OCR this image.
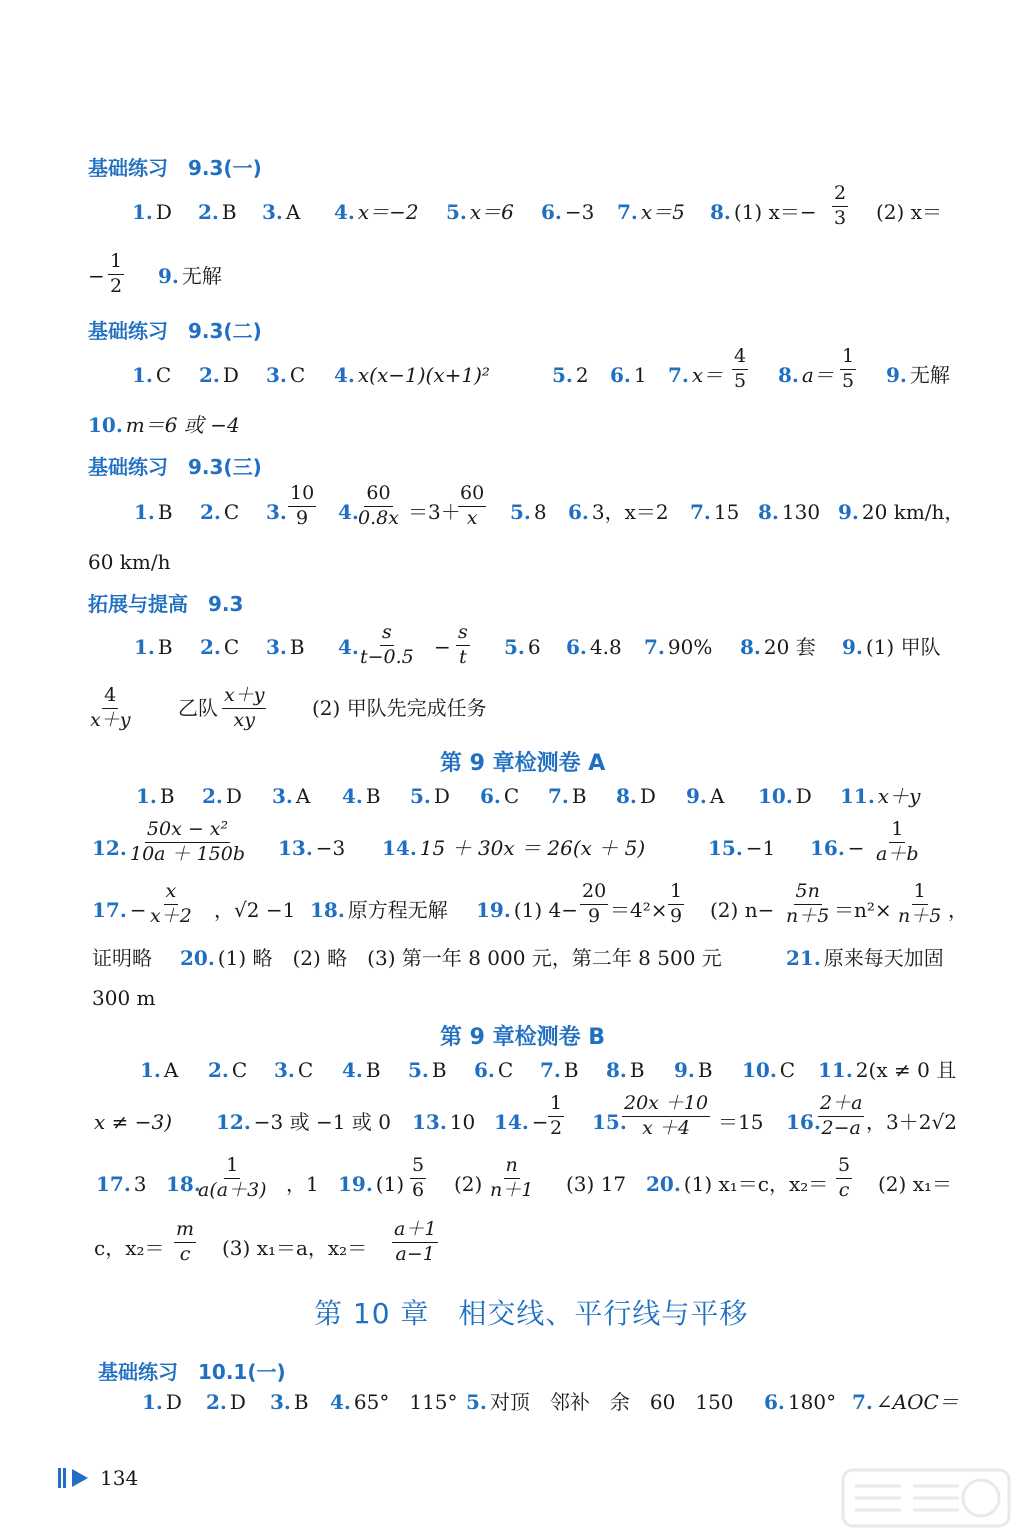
基础练习　9.3(一)
1. D 2. B 3. A 4. x＝−2 5. x＝6 6. −3 7. x＝5 8. (1) $x=- \frac{2}{3} (2)$ x＝
− $\frac{1}{2} 9$. 无解
基础练习　9.3(二)
1. C 2. D 3. C 4. x(x−1)(x+1)²	5. 2 6. 1 7. $x= \frac{4}{5} 8$. $a= \frac{1}{5} 9$. 无解
10. m＝6 或 −4
基础练习　9.3(三)
1. B 2. C 3. $\frac{10}{9} 4$. $\frac{60}{0.8x} =3+$
$\frac{60}{x} 5$. 8 6. 3，x＝2 7. 15 8. 130 9. 20 km/h，
60 km/h
拓展与提高　9.3
1. B 2. C 3. B 4. $\frac{s}{t-0.5} - \frac{s}{t} 5$. 6 6. 4.8 7. 90% 8. 20 套 9. (1) 甲队
$\frac{4}{x+y}$ 乙队 $\frac{x+y}{xy} (2)$ 甲队先完成任务
第 9 章检测卷 A
1. B 2. D 3. A 4. B 5. D 6. C 7. B 8. D 9. A 10. D 11. x＋y
12. $\frac{\text{50x − x²}}{10a + 150b} 13$. −3 14. 15 ＋ 30x ＝ 26(x ＋ 5)	15. −1 16. − $\frac{1}{a+b}$
17. − $\frac{x}{x+2}$ ，√2 −1 18. 原方程无解 19. (1) $4- \frac{20}{9} =4^2\times \frac{1}{9} (2)$ $n- \frac{5n}{n+5} =n^2\times \frac{1}{n+5}$ ，
证明略 20. (1) 略　(2) 略　(3) 第一年 8 000 元，第二年 8 500 元	21. 原来每天加固
300 m
第 9 章检测卷 B
1. A 2. C 3. C 4. B 5. B 6. C 7. B 8. B 9. B 10. C 11. 2(x ≠ 0 且
x ≠ −3) 12. −3 或 −1 或 0 13. 10 14. − $\frac{1}{2} 15$.
$\frac{20x +10}{x +4} =15$ 16.
$\frac{2+a}{2-a}$ ，3＋2√2
17. 3 18.
$\frac{1}{a(a+3)}$ ，1 19. $(1) \frac{5}{6} (2) \frac{n}{n+1} (3)$ 17 20. (1) x₁＝c，$x_2= \frac{5}{c} (2)$ x₁＝
c，$x_2= \frac{m}{c} (3)$ x₁＝a，$x_2= \frac{a+1}{a-1}$
第 10 章　相交线、平行线与平移
基础练习　10.1(一)
1. D 2. D 3. B 4. 65°　115° 5. 对顶　邻补　余　60　150 6. 180° 7. ∠AOC＝
134
